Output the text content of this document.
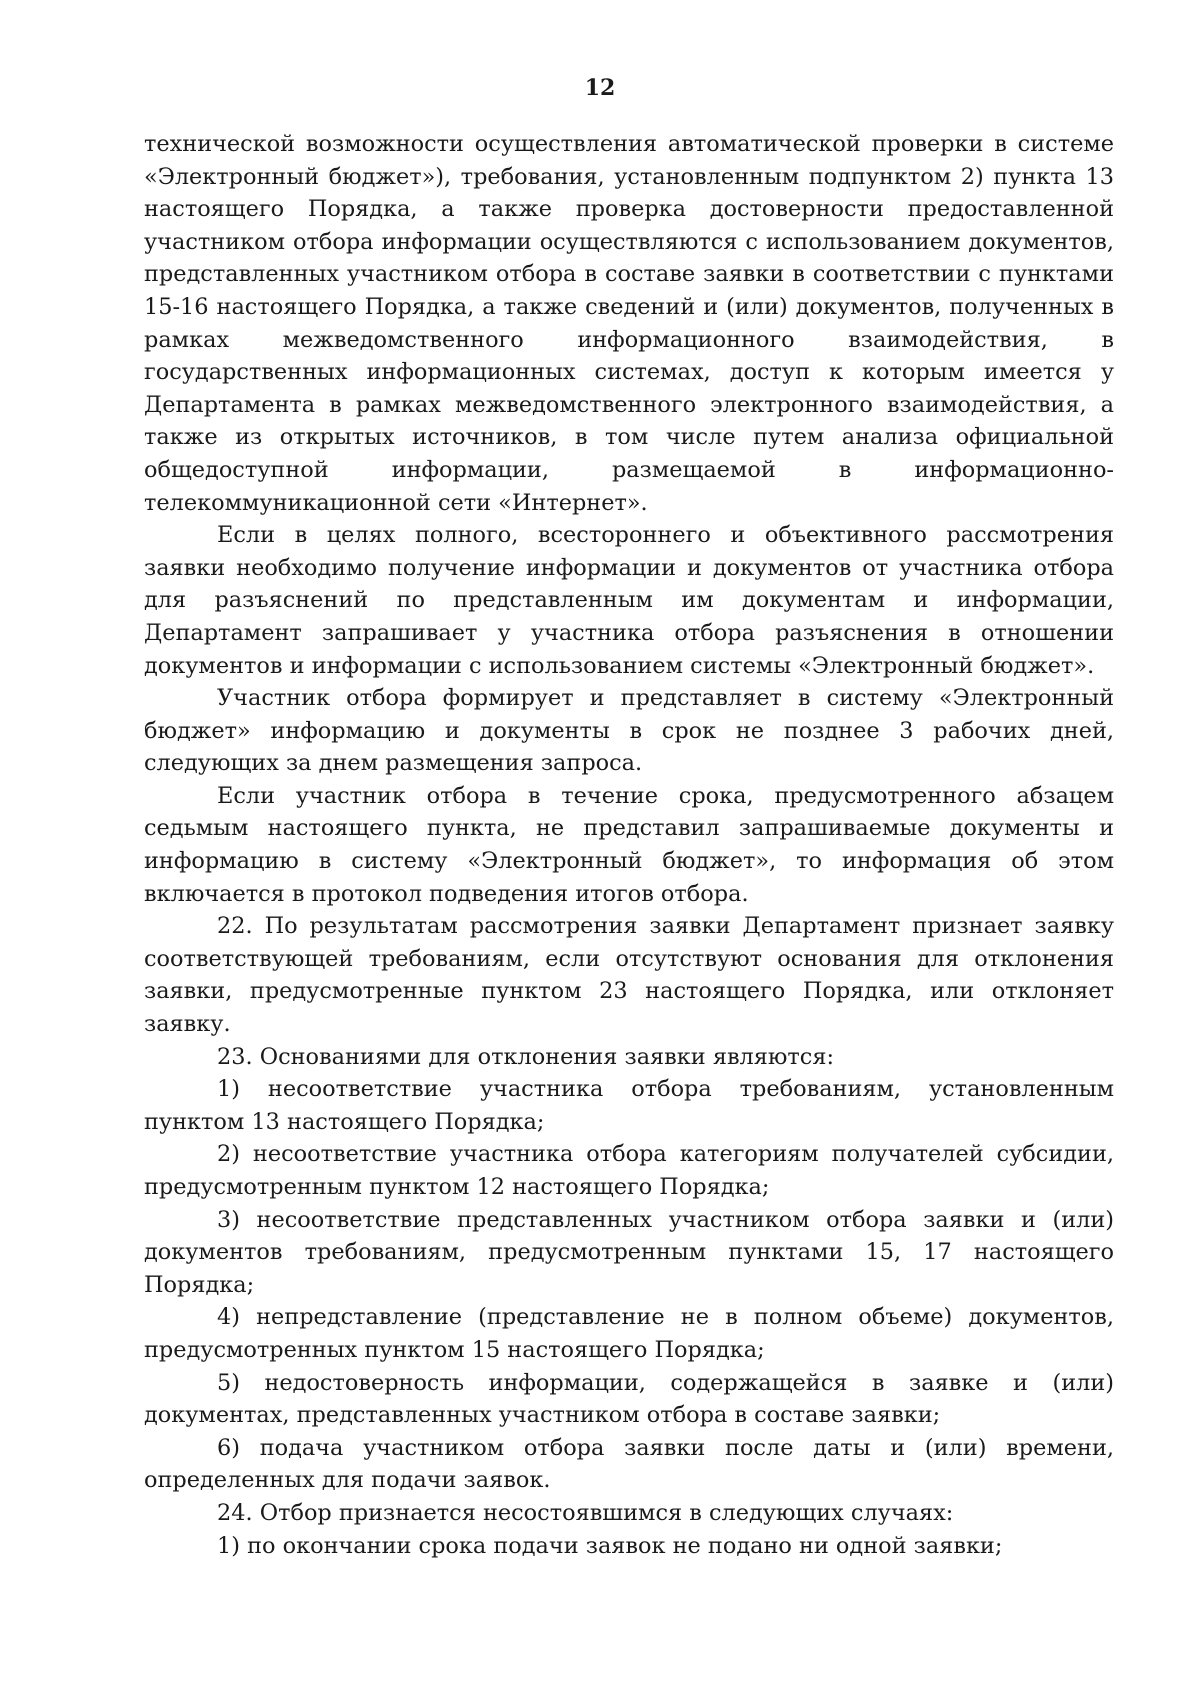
12

технической возможности осуществления автоматической проверки в системе «Электронный бюджет»), требования, установленным подпунктом 2) пункта 13 настоящего Порядка, а также проверка достоверности предоставленной участником отбора информации осуществляются с использованием документов, представленных участником отбора в составе заявки в соответствии с пунктами 15-16 настоящего Порядка, а также сведений и (или) документов, полученных в рамках межведомственного информационного взаимодействия, в государственных информационных системах, доступ к которым имеется у Департамента в рамках межведомственного электронного взаимодействия, а также из открытых источников, в том числе путем анализа официальной общедоступной информации, размещаемой в информационно-телекоммуникационной сети «Интернет».

Если в целях полного, всестороннего и объективного рассмотрения заявки необходимо получение информации и документов от участника отбора для разъяснений по представленным им документам и информации, Департамент запрашивает у участника отбора разъяснения в отношении документов и информации с использованием системы «Электронный бюджет».

Участник отбора формирует и представляет в систему «Электронный бюджет» информацию и документы в срок не позднее 3 рабочих дней, следующих за днем размещения запроса.

Если участник отбора в течение срока, предусмотренного абзацем седьмым настоящего пункта, не представил запрашиваемые документы и информацию в систему «Электронный бюджет», то информация об этом включается в протокол подведения итогов отбора.

22. По результатам рассмотрения заявки Департамент признает заявку соответствующей требованиям, если отсутствуют основания для отклонения заявки, предусмотренные пунктом 23 настоящего Порядка, или отклоняет заявку.

23. Основаниями для отклонения заявки являются:

1) несоответствие участника отбора требованиям, установленным пунктом 13 настоящего Порядка;

2) несоответствие участника отбора категориям получателей субсидии, предусмотренным пунктом 12 настоящего Порядка;

3) несоответствие представленных участником отбора заявки и (или) документов требованиям, предусмотренным пунктами 15, 17 настоящего Порядка;

4) непредставление (представление не в полном объеме) документов, предусмотренных пунктом 15 настоящего Порядка;

5) недостоверность информации, содержащейся в заявке и (или) документах, представленных участником отбора в составе заявки;

6) подача участником отбора заявки после даты и (или) времени, определенных для подачи заявок.

24. Отбор признается несостоявшимся в следующих случаях:

1) по окончании срока подачи заявок не подано ни одной заявки;
